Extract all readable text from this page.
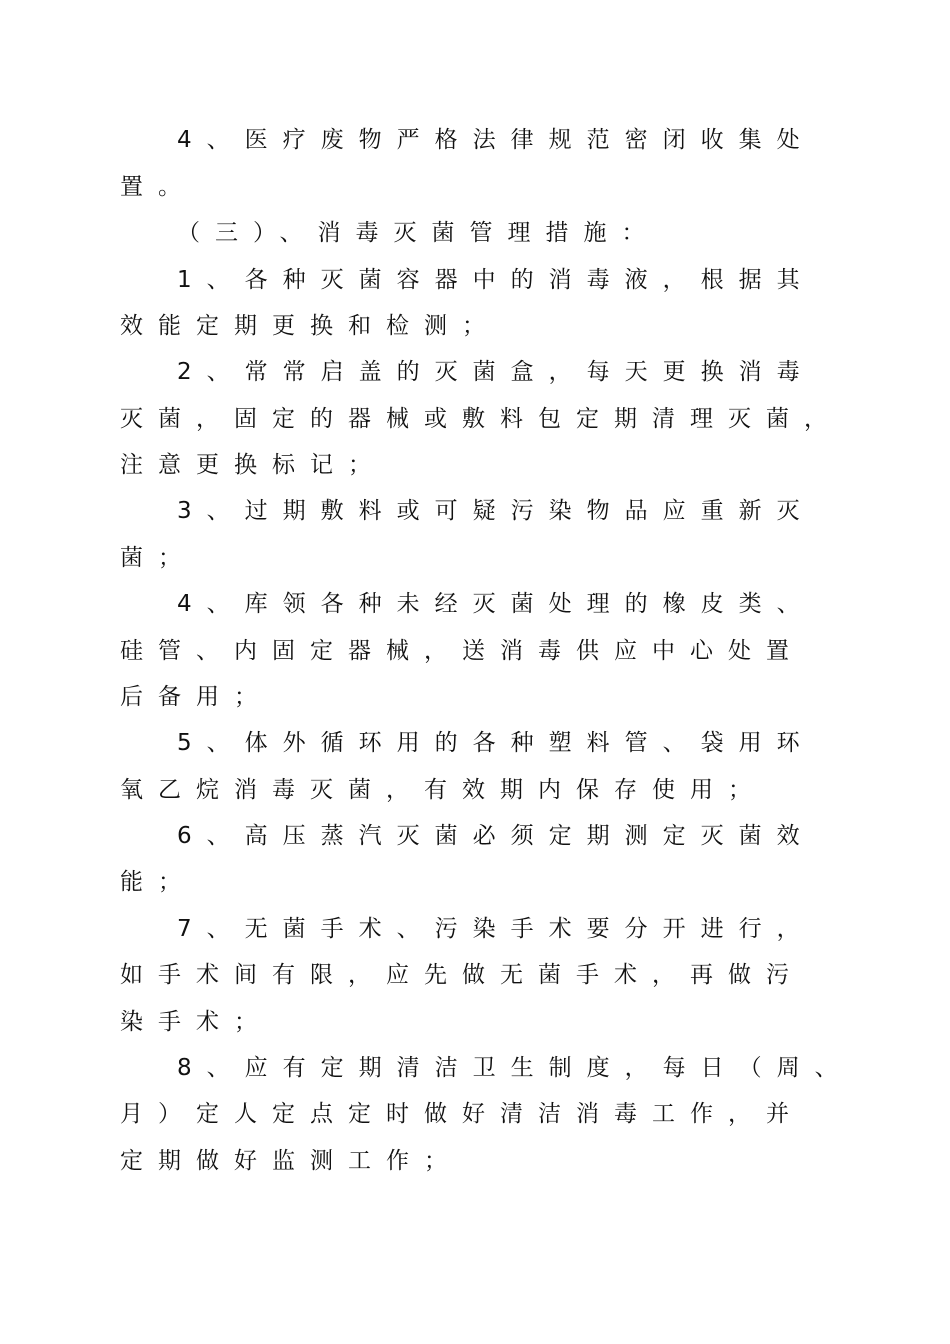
4、医疗废物严格法律规范密闭收集处

置。

（三）、消毒灭菌管理措施：

1、各种灭菌容器中的消毒液，根据其

效能定期更换和检测；

2、常常启盖的灭菌盒，每天更换消毒

灭菌，固定的器械或敷料包定期清理灭菌，

注意更换标记；

3、过期敷料或可疑污染物品应重新灭

菌；

4、库领各种未经灭菌处理的橡皮类、

硅管、内固定器械，送消毒供应中心处置

后备用；

5、体外循环用的各种塑料管、袋用环

氧乙烷消毒灭菌，有效期内保存使用；

6、高压蒸汽灭菌必须定期测定灭菌效

能；

7、无菌手术、污染手术要分开进行，

如手术间有限，应先做无菌手术，再做污

染手术；

8、应有定期清洁卫生制度，每日（周、

月）定人定点定时做好清洁消毒工作，并

定期做好监测工作；
